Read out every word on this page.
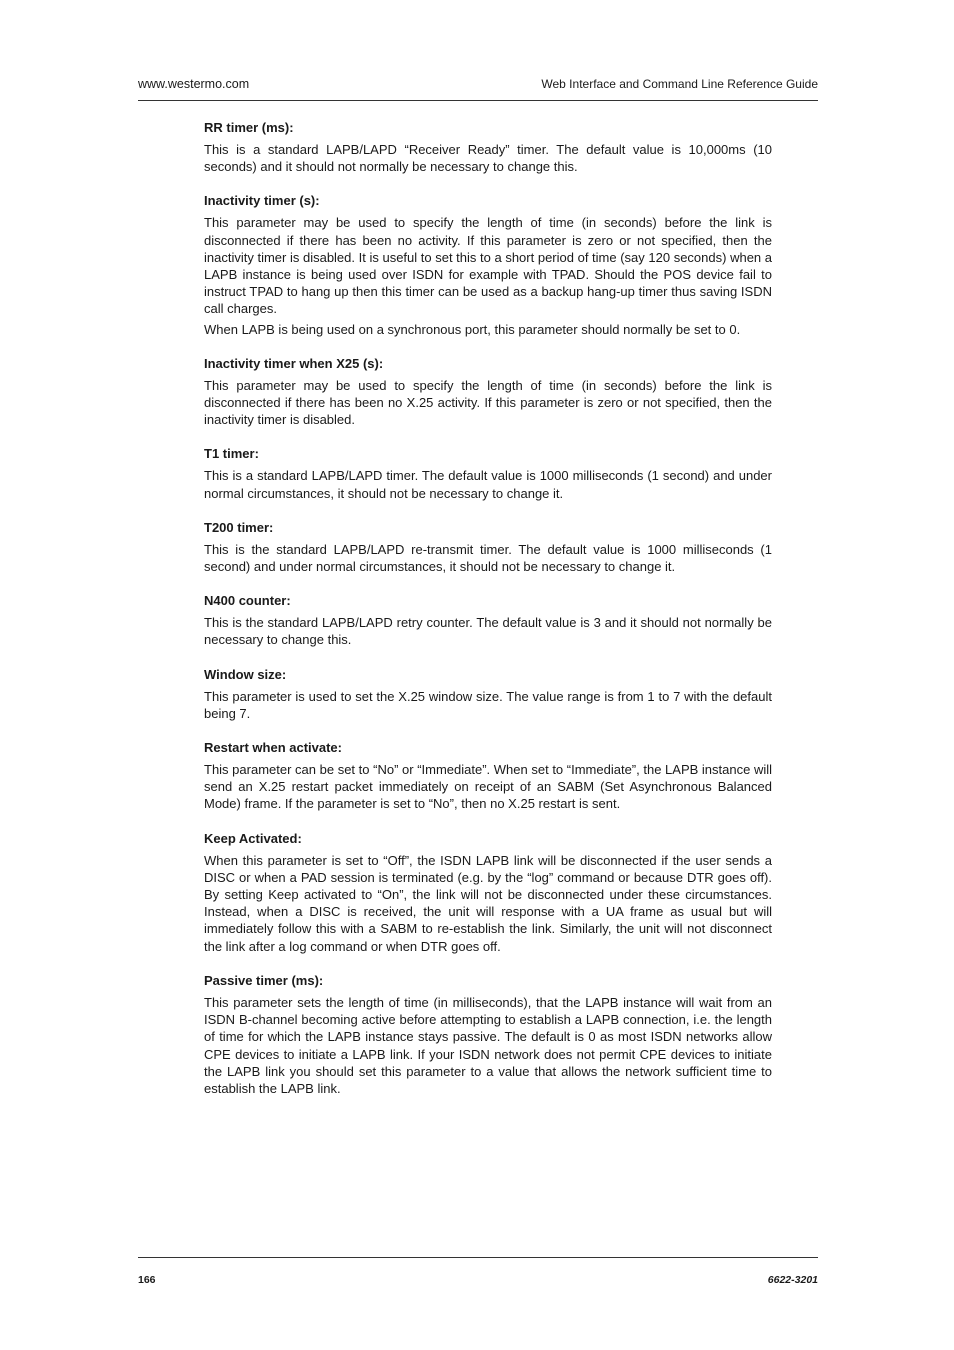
www.westermo.com	Web Interface and Command Line Reference Guide
RR timer (ms):

This is a standard LAPB/LAPD “Receiver Ready” timer. The default value is 10,000ms (10 seconds) and it should not normally be necessary to change this.

Inactivity timer (s):

This parameter may be used to specify the length of time (in seconds) before the link is disconnected if there has been no activity. If this parameter is zero or not specified, then the inactivity timer is disabled. It is useful to set this to a short period of time (say 120 seconds) when a LAPB instance is being used over ISDN for example with TPAD. Should the POS device fail to instruct TPAD to hang up then this timer can be used as a backup hang-up timer thus saving ISDN call charges.

When LAPB is being used on a synchronous port, this parameter should normally be set to 0.

Inactivity timer when X25 (s):

This parameter may be used to specify the length of time (in seconds) before the link is disconnected if there has been no X.25 activity. If this parameter is zero or not specified, then the inactivity timer is disabled.

T1 timer:

This is a standard LAPB/LAPD timer. The default value is 1000 milliseconds (1 second) and under normal circumstances, it should not be necessary to change it.

T200 timer:

This is the standard LAPB/LAPD re-transmit timer. The default value is 1000 milliseconds (1 second) and under normal circumstances, it should not be necessary to change it.

N400 counter:

This is the standard LAPB/LAPD retry counter. The default value is 3 and it should not normally be necessary to change this.

Window size:

This parameter is used to set the X.25 window size. The value range is from 1 to 7 with the default being 7.

Restart when activate:

This parameter can be set to “No” or “Immediate”. When set to “Immediate”, the LAPB instance will send an X.25 restart packet immediately on receipt of an SABM (Set Asynchronous Balanced Mode) frame. If the parameter is set to “No”, then no X.25 restart is sent.

Keep Activated:

When this parameter is set to “Off”, the ISDN LAPB link will be disconnected if the user sends a DISC or when a PAD session is terminated (e.g. by the “log” command or because DTR goes off). By setting Keep activated to “On”, the link will not be disconnected under these circumstances. Instead, when a DISC is received, the unit will response with a UA frame as usual but will immediately follow this with a SABM to re-establish the link. Similarly, the unit will not disconnect the link after a log command or when DTR goes off.

Passive timer (ms):

This parameter sets the length of time (in milliseconds), that the LAPB instance will wait from an ISDN B-channel becoming active before attempting to establish a LAPB connection, i.e. the length of time for which the LAPB instance stays passive. The default is 0 as most ISDN networks allow CPE devices to initiate a LAPB link. If your ISDN network does not permit CPE devices to initiate the LAPB link you should set this parameter to a value that allows the network sufficient time to establish the LAPB link.

166	6622-3201
